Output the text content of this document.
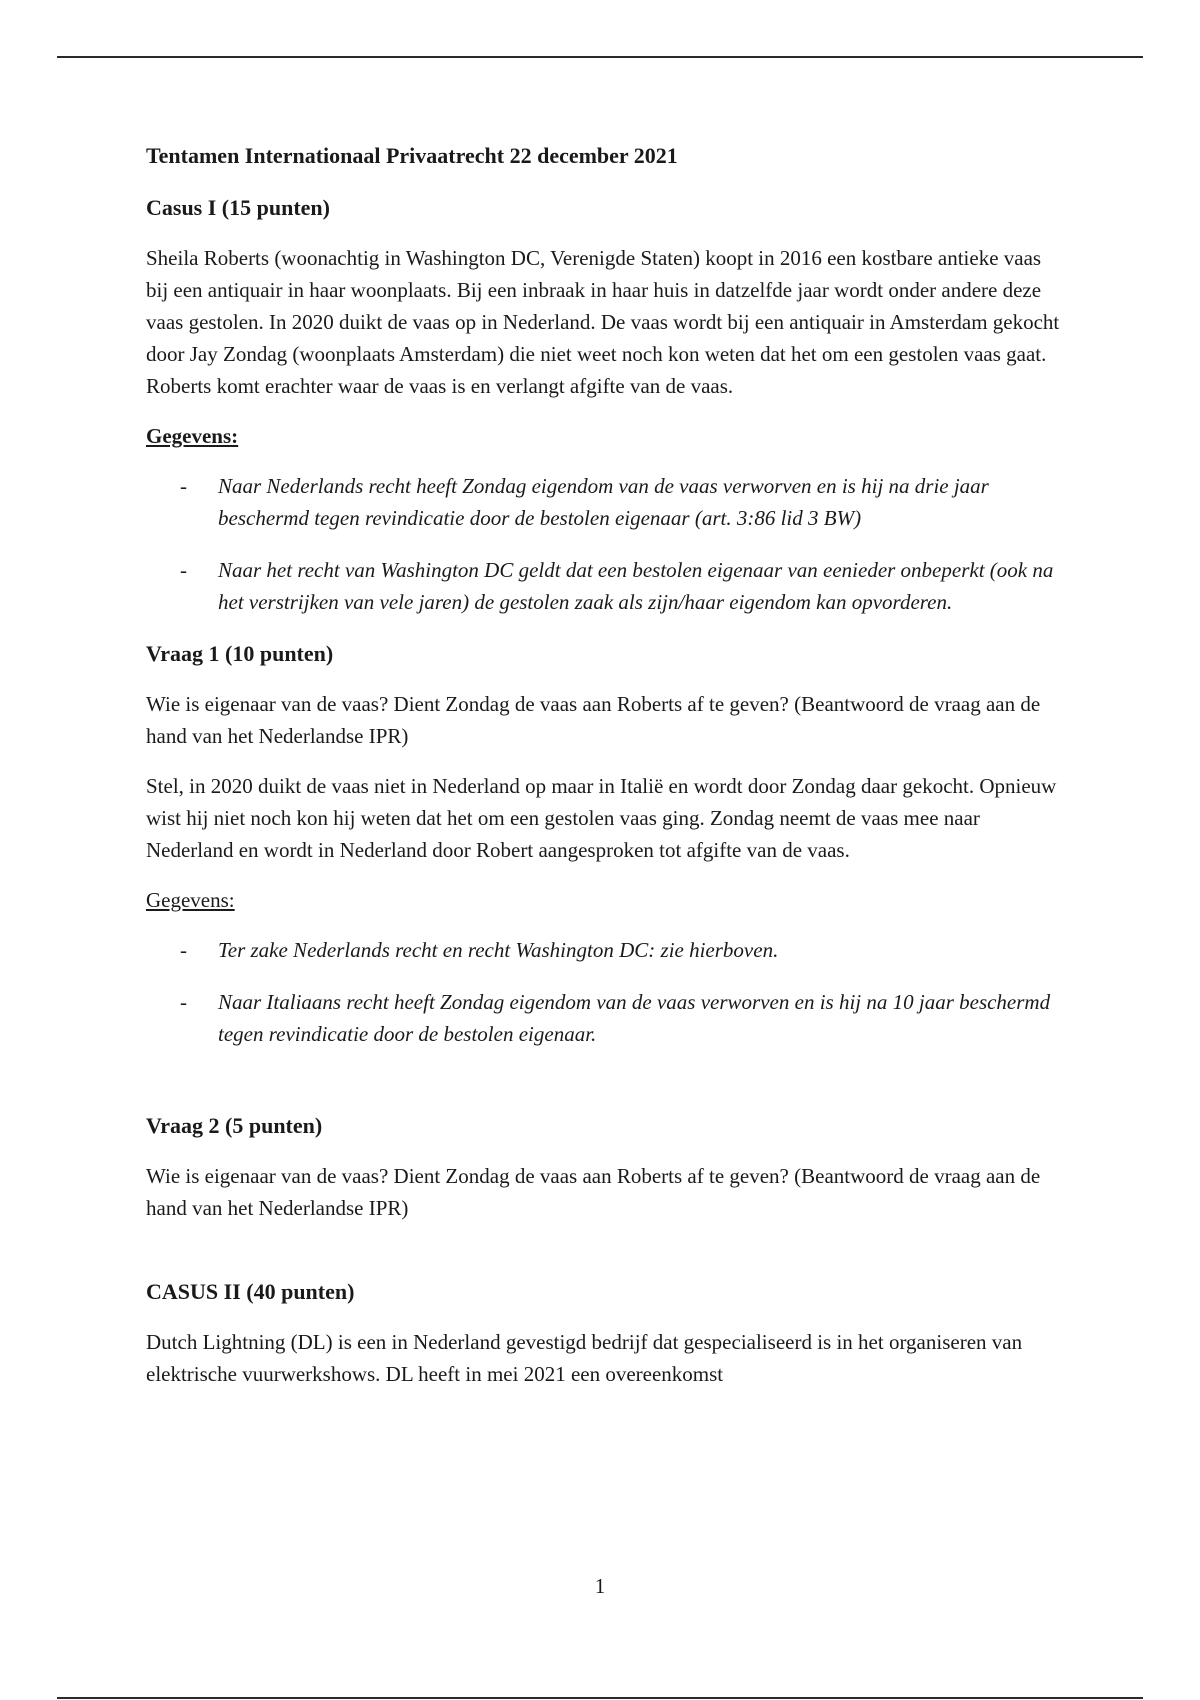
Tentamen Internationaal Privaatrecht 22 december 2021
Casus I (15 punten)

Sheila Roberts (woonachtig in Washington DC, Verenigde Staten) koopt in 2016 een kostbare antieke vaas bij een antiquair in haar woonplaats. Bij een inbraak in haar huis in datzelfde jaar wordt onder andere deze vaas gestolen. In 2020 duikt de vaas op in Nederland. De vaas wordt bij een antiquair in Amsterdam gekocht door Jay Zondag (woonplaats Amsterdam) die niet weet noch kon weten dat het om een gestolen vaas gaat. Roberts komt erachter waar de vaas is en verlangt afgifte van de vaas.

Gegevens:
- Naar Nederlands recht heeft Zondag eigendom van de vaas verworven en is hij na drie jaar beschermd tegen revindicatie door de bestolen eigenaar (art. 3:86 lid 3 BW)
- Naar het recht van Washington DC geldt dat een bestolen eigenaar van eenieder onbeperkt (ook na het verstrijken van vele jaren) de gestolen zaak als zijn/haar eigendom kan opvorderen.
Vraag 1 (10 punten)

Wie is eigenaar van de vaas? Dient Zondag de vaas aan Roberts af te geven? (Beantwoord de vraag aan de hand van het Nederlandse IPR)

Stel, in 2020 duikt de vaas niet in Nederland op maar in Italië en wordt door Zondag daar gekocht. Opnieuw wist hij niet noch kon hij weten dat het om een gestolen vaas ging. Zondag neemt de vaas mee naar Nederland en wordt in Nederland door Robert aangesproken tot afgifte van de vaas.

Gegevens:
- Ter zake Nederlands recht en recht Washington DC: zie hierboven.
- Naar Italiaans recht heeft Zondag eigendom van de vaas verworven en is hij na 10 jaar beschermd tegen revindicatie door de bestolen eigenaar.
Vraag 2 (5 punten)

Wie is eigenaar van de vaas? Dient Zondag de vaas aan Roberts af te geven? (Beantwoord de vraag aan de hand van het Nederlandse IPR)

CASUS II (40 punten)

Dutch Lightning (DL) is een in Nederland gevestigd bedrijf dat gespecialiseerd is in het organiseren van elektrische vuurwerkshows. DL heeft in mei 2021 een overeenkomst

1
